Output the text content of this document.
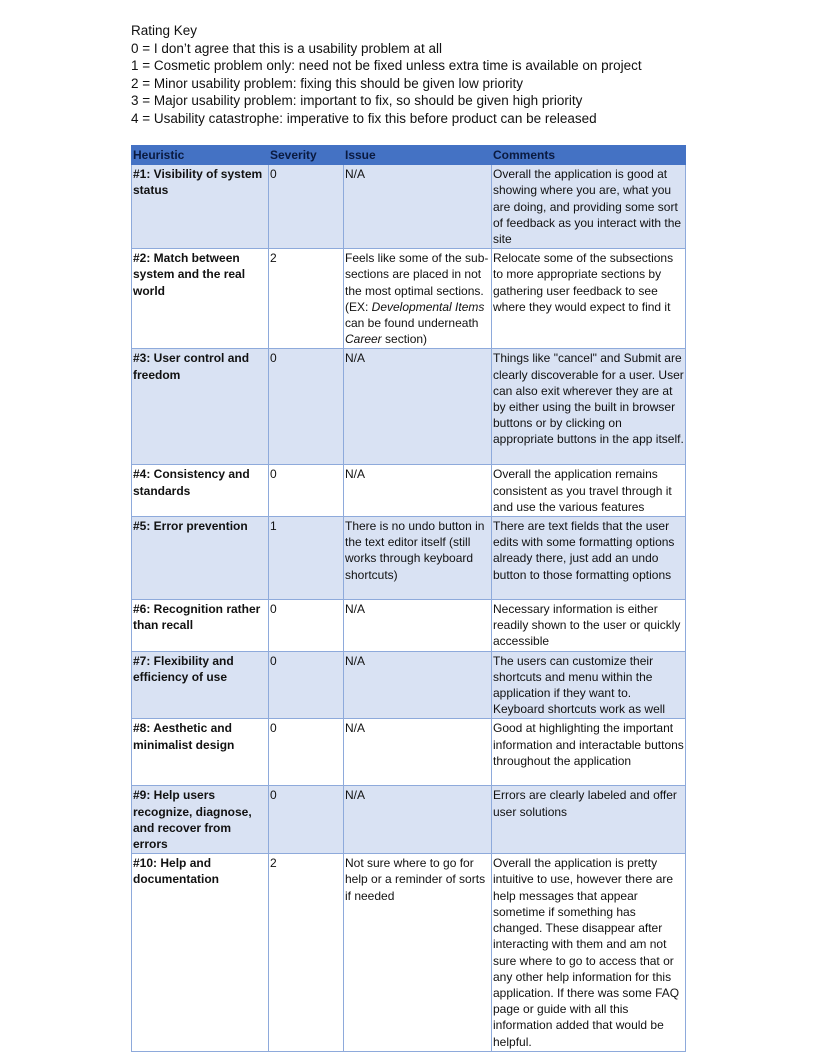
Rating Key
0 = I don’t agree that this is a usability problem at all
1 = Cosmetic problem only: need not be fixed unless extra time is available on project
2 = Minor usability problem: fixing this should be given low priority
3 = Major usability problem: important to fix, so should be given high priority
4 = Usability catastrophe: imperative to fix this before product can be released
Heuristic	Severity	Issue	Comments
#1: Visibility of system status	0	N/A	Overall the application is good at showing where you are, what you are doing, and providing some sort of feedback as you interact with the site
#2: Match between system and the real world	2	Feels like some of the sub-sections are placed in not the most optimal sections. (EX: Developmental Items can be found underneath Career section)	Relocate some of the subsections to more appropriate sections by gathering user feedback to see where they would expect to find it
#3: User control and freedom	0	N/A	Things like "cancel" and Submit are clearly discoverable for a user. User can also exit wherever they are at by either using the built in browser buttons or by clicking on appropriate buttons in the app itself.
#4: Consistency and standards	0	N/A	Overall the application remains consistent as you travel through it and use the various features
#5: Error prevention	1	There is no undo button in the text editor itself (still works through keyboard shortcuts)	There are text fields that the user edits with some formatting options already there, just add an undo button to those formatting options
#6: Recognition rather than recall	0	N/A	Necessary information is either readily shown to the user or quickly accessible
#7: Flexibility and efficiency of use	0	N/A	The users can customize their shortcuts and menu within the application if they want to. Keyboard shortcuts work as well
#8: Aesthetic and minimalist design	0	N/A	Good at highlighting the important information and interactable buttons throughout the application
#9: Help users recognize, diagnose, and recover from errors	0	N/A	Errors are clearly labeled and offer user solutions
#10: Help and documentation	2	Not sure where to go for help or a reminder of sorts if needed	Overall the application is pretty intuitive to use, however there are help messages that appear sometime if something has changed. These disappear after interacting with them and am not sure where to go to access that or any other help information for this application. If there was some FAQ page or guide with all this information added that would be helpful.
